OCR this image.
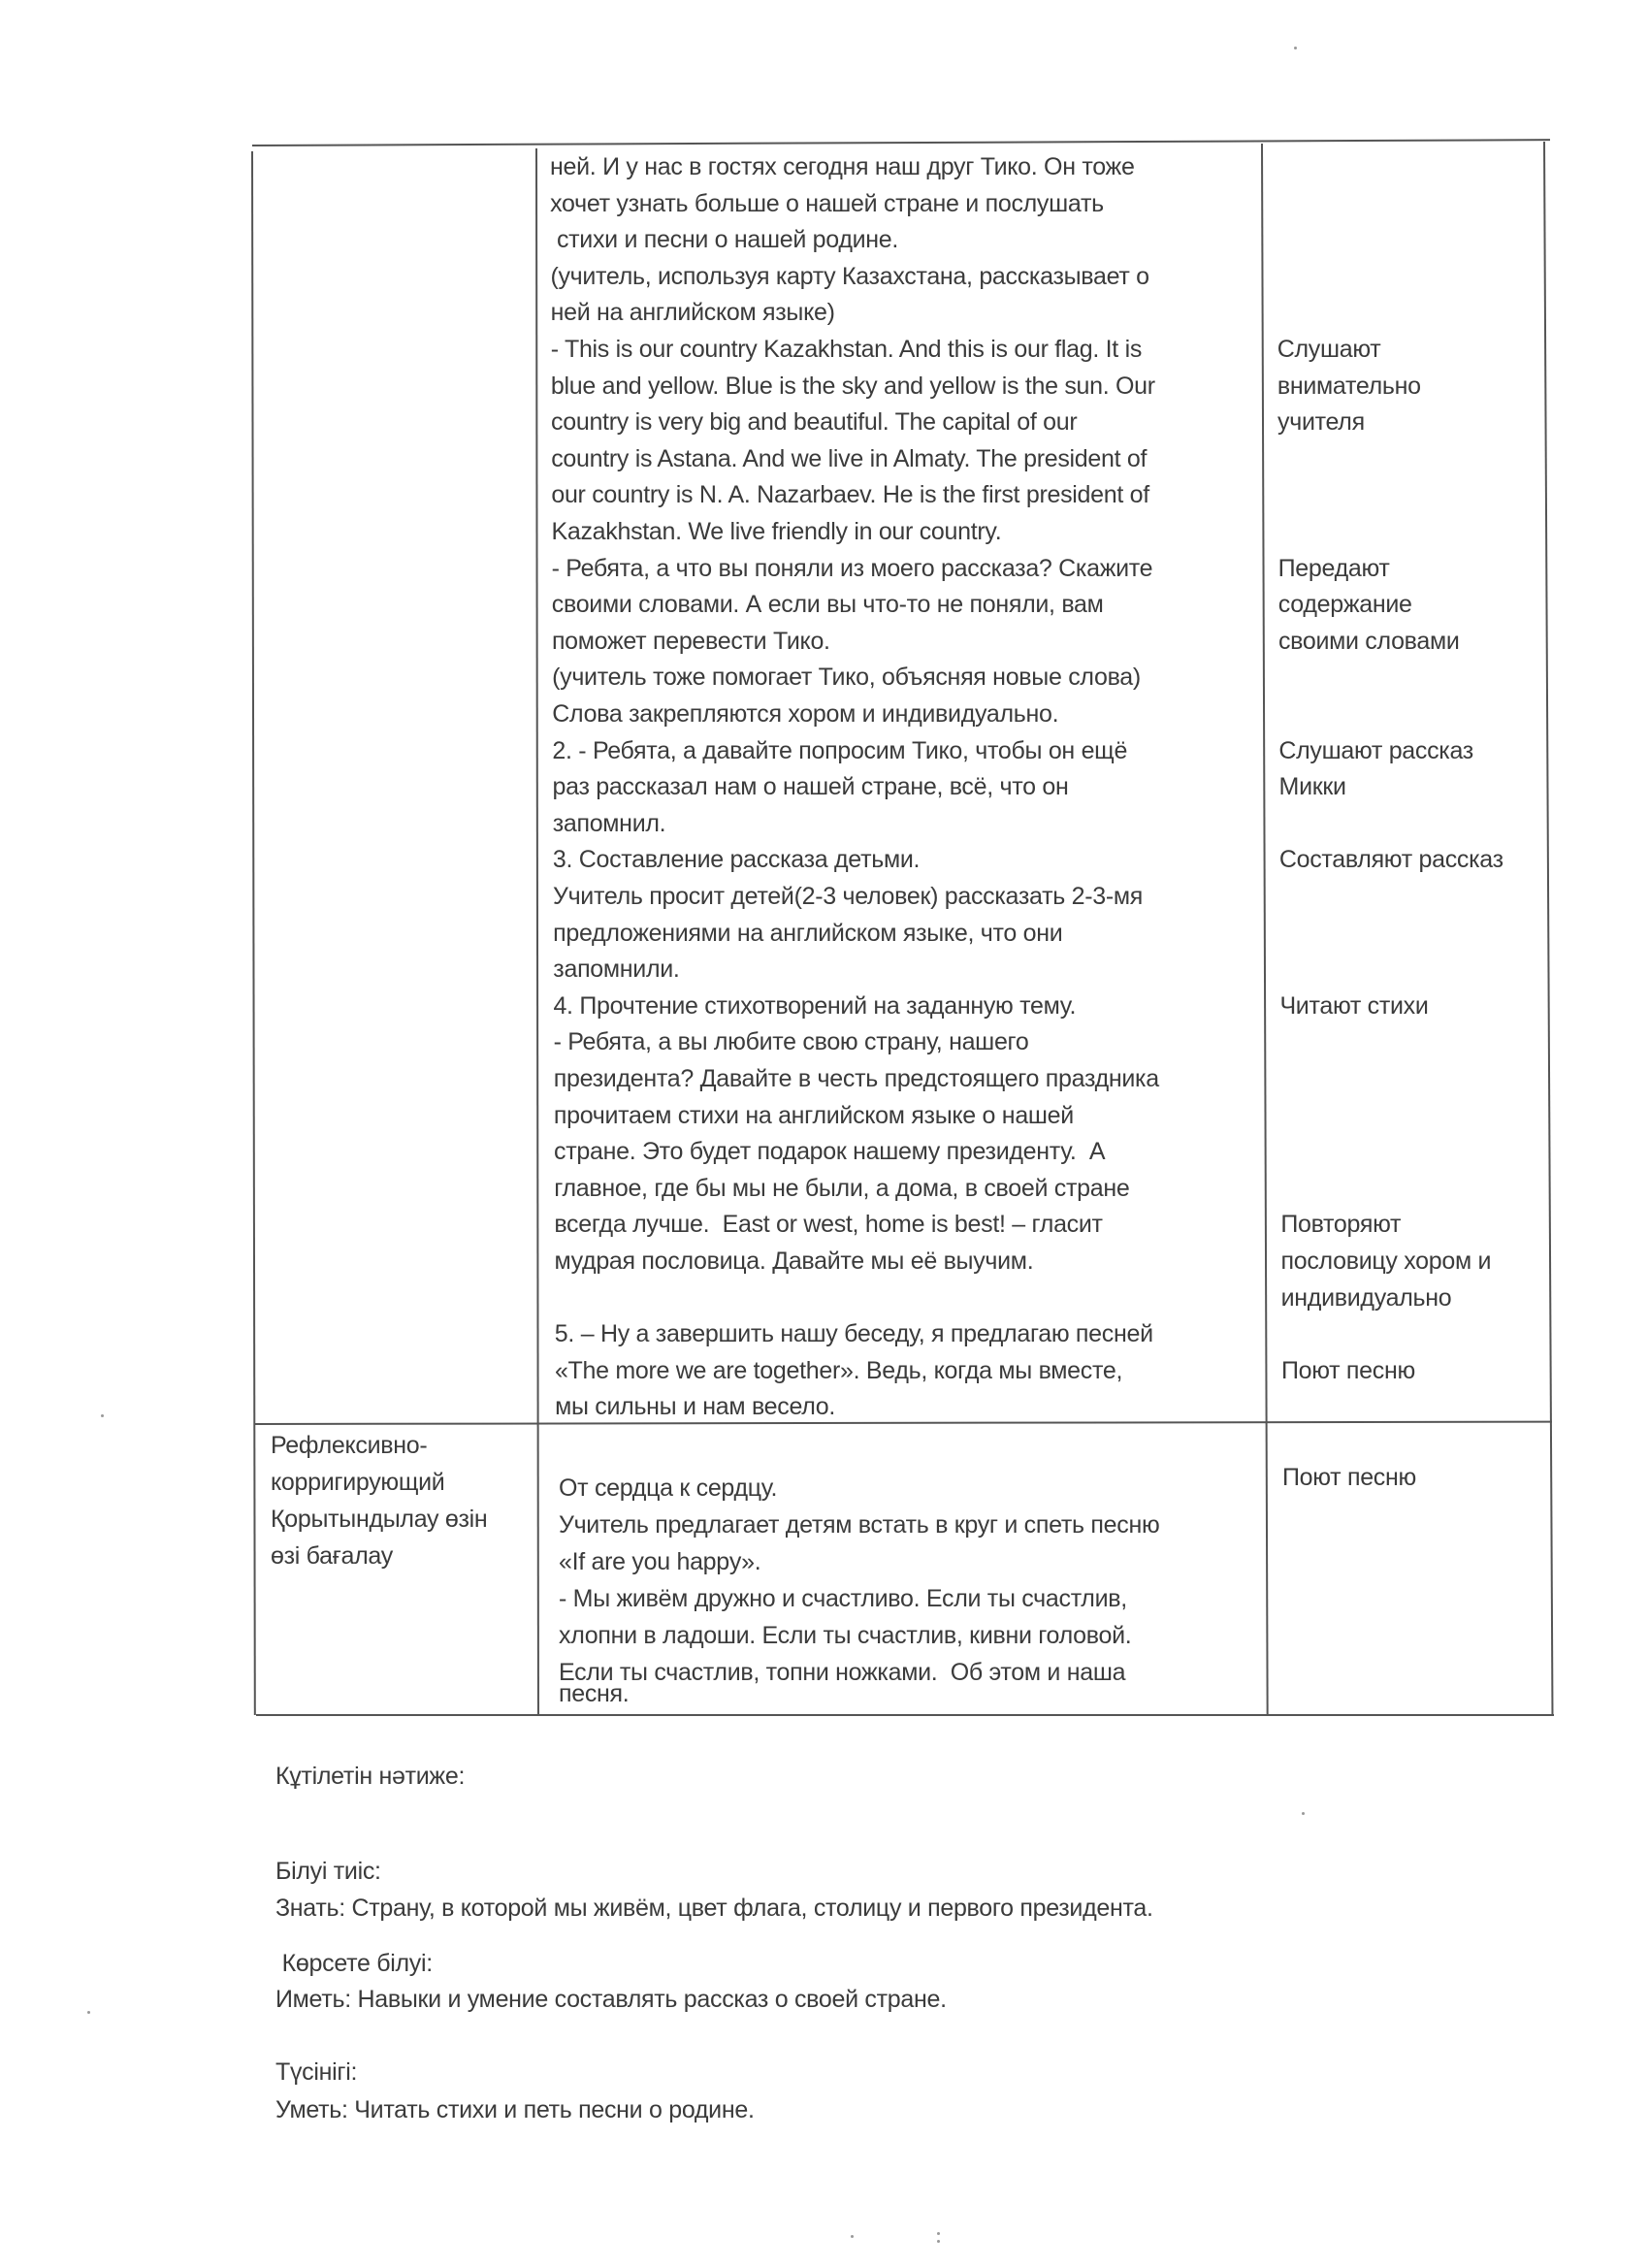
ней. И у нас в гостях сегодня наш друг Тико. Он тоже
хочет узнать больше о нашей стране и послушать
стихи и песни о нашей родине.
(учитель, используя карту Казахстана, рассказывает о
ней на английском языке)
- This is our country Kazakhstan. And this is our flag. It is
blue and yellow. Blue is the sky and yellow is the sun. Our
country is very big and beautiful. The capital of our
country is Astana. And we live in Almaty. The president of
our country is N. A. Nazarbaev. He is the first president of
Kazakhstan. We live friendly in our country.
- Ребята, а что вы поняли из моего рассказа? Скажите
своими словами. А если вы что-то не поняли, вам
поможет перевести Тико.
(учитель тоже помогает Тико, объясняя новые слова)
Слова закрепляются хором и индивидуально.
2. - Ребята, а давайте попросим Тико, чтобы он ещё
раз рассказал нам о нашей стране, всё, что он
запомнил.
3. Составление рассказа детьми.
Учитель просит детей(2-3 человек) рассказать 2-3-мя
предложениями на английском языке, что они
запомнили.
4. Прочтение стихотворений на заданную тему.
- Ребята, а вы любите свою страну, нашего
президента? Давайте в честь предстоящего праздника
прочитаем стихи на английском языке о нашей
стране. Это будет подарок нашему президенту.  А
главное, где бы мы не были, а дома, в своей стране
всегда лучше.  East or west, home is best! – гласит
мудрая пословица. Давайте мы её выучим.
5. – Ну а завершить нашу беседу, я предлагаю песней
«The more we are together». Ведь, когда мы вместе,
мы сильны и нам весело.
Слушают
внимательно
учителя
Передают
содержание
своими словами
Слушают рассказ
Микки
Составляют рассказ
Читают стихи
Повторяют
пословицу хором и
индивидуально
Поют песню
Рефлексивно-
корригирующий
Қорытындылау өзін
өзі бағалау
От сердца к сердцу.
Учитель предлагает детям встать в круг и спеть песню
«If are you happy».
- Мы живём дружно и счастливо. Если ты счастлив,
хлопни в ладоши. Если ты счастлив, кивни головой.
Если ты счастлив, топни ножками.  Об этом и наша
песня.
Поют песню
Кұтілетін нәтиже:
Білуі тиіс:
Знать: Страну, в которой мы живём, цвет флага, столицу и первого президента.
Көрсете білуі:
Иметь: Навыки и умение составлять рассказ о своей стране.
Түсінігі:
Уметь: Читать стихи и петь песни о родине.
